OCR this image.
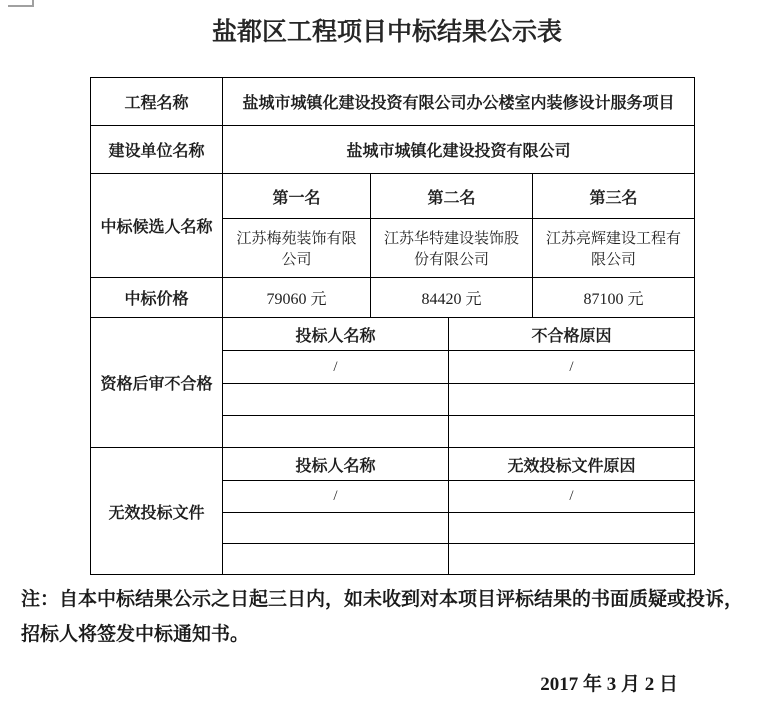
盐都区工程项目中标结果公示表
工程名称	盐城市城镇化建设投资有限公司办公楼室内装修设计服务项目			
建设单位名称	盐城市城镇化建设投资有限公司			
中标候选人名称	第一名	第二名		第三名
	江苏梅苑装饰有限公司	江苏华特建设装饰股份有限公司		江苏亮辉建设工程有限公司
中标价格	79060 元	84420 元		87100 元
资格后审不合格	投标人名称		不合格原因	
	/		/	

无效投标文件	投标人名称		无效投标文件原因	
	/		/	

注：自本中标结果公示之日起三日内，如未收到对本项目评标结果的书面质疑或投诉，
招标人将签发中标通知书。
2017 年 3 月 2 日
